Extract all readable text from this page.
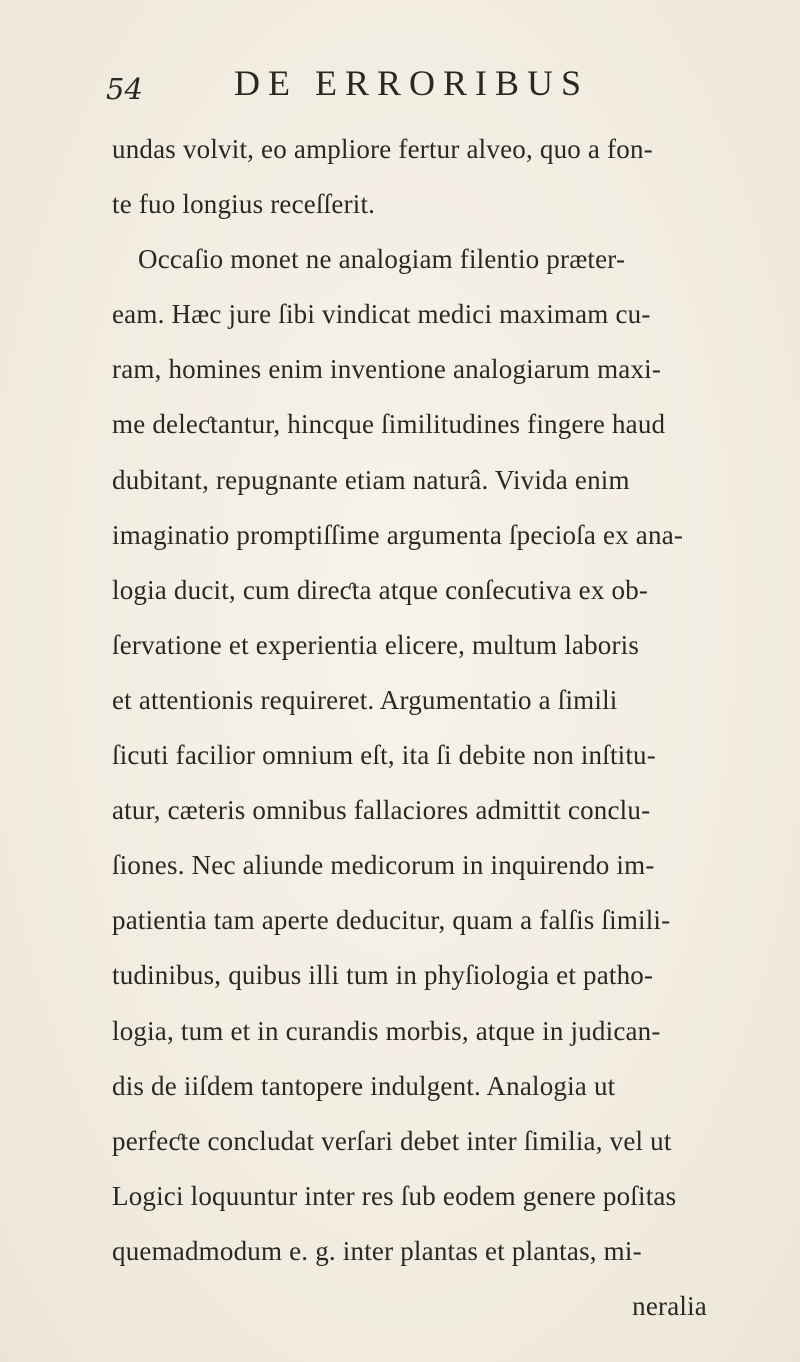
54	DE ERRORIBUS
undas volvit, eo ampliore fertur alveo, quo a fon-
te fuo longius receſſerit.
Occaſio monet ne analogiam filentio præter-
eam. Hæc jure ſibi vindicat medici maximam cu-
ram, homines enim inventione analogiarum maxi-
me deleƈtantur, hincque ſimilitudines fingere haud
dubitant, repugnante etiam naturâ. Vivida enim
imaginatio promptiſſime argumenta ſpecioſa ex ana-
logia ducit, cum direƈta atque conſecutiva ex ob-
ſervatione et experientia elicere, multum laboris
et attentionis requireret. Argumentatio a ſimili
ſicuti facilior omnium eſt, ita ſi debite non inſtitu-
atur, cæteris omnibus fallaciores admittit conclu-
ſiones. Nec aliunde medicorum in inquirendo im-
patientia tam aperte deducitur, quam a falſis ſimili-
tudinibus, quibus illi tum in phyſiologia et patho-
logia, tum et in curandis morbis, atque in judican-
dis de iiſdem tantopere indulgent. Analogia ut
perfeƈte concludat verſari debet inter ſimilia, vel ut
Logici loquuntur inter res ſub eodem genere poſitas
quemadmodum e. g. inter plantas et plantas, mi-
neralia
